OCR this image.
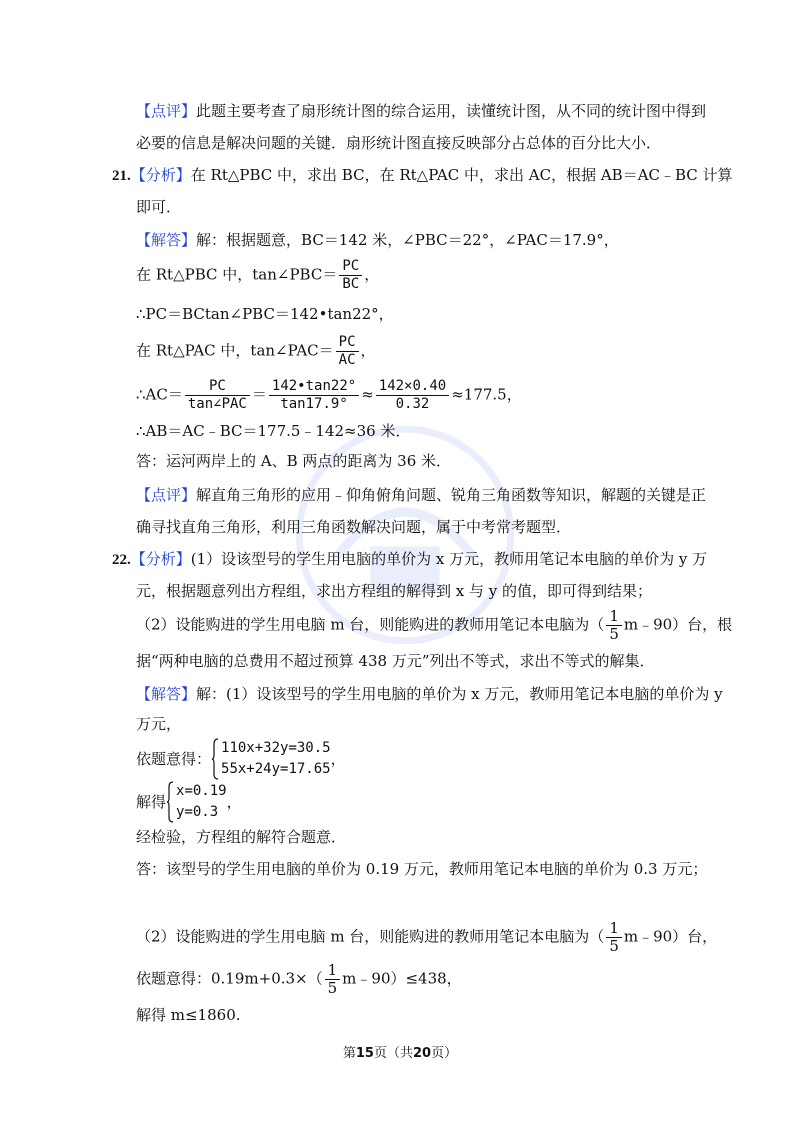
【点评】此题主要考查了扇形统计图的综合运用，读懂统计图，从不同的统计图中得到
必要的信息是解决问题的关键．扇形统计图直接反映部分占总体的百分比大小．
21.【分析】在 Rt△PBC 中，求出 BC，在 Rt△PAC 中，求出 AC，根据 AB＝AC﹣BC 计算
即可．
【解答】解：根据题意，BC＝142 米，∠PBC＝22°，∠PAC＝17.9°，
在 Rt△PBC 中，tan∠PBC＝ $\frac{PC}{BC}$ ，
∴PC＝BCtan∠PBC＝142•tan22°，
在 Rt△PAC 中，tan∠PAC＝ $\frac{PC}{AC}$ ，
∴AC＝ $\frac{PC}{\text{tan∠PAC}} = \frac{142•\tan 22^\circ}{\tan 17.9^\circ} \approx \frac{142\times 0.40}{0.32} \approx 177.5$，
∴AB＝AC﹣BC＝177.5﹣142≈36 米．
答：运河两岸上的 A、B 两点的距离为 36 米．
【点评】解直角三角形的应用﹣仰角俯角问题、锐角三角函数等知识，解题的关键是正
确寻找直角三角形，利用三角函数解决问题，属于中考常考题型．
22.【分析】(1）设该型号的学生用电脑的单价为 x 万元，教师用笔记本电脑的单价为 y 万
元，根据题意列出方程组，求出方程组的解得到 x 与 y 的值，即可得到结果；
（2）设能购进的学生用电脑 m 台，则能购进的教师用笔记本电脑为（ $\frac{1}{5}$ m﹣90）台，根
据“两种电脑的总费用不超过预算 438 万元”列出不等式，求出不等式的解集．
【解答】解：(1）设该型号的学生用电脑的单价为 x 万元，教师用笔记本电脑的单价为 y
万元，
依题意得：
110x+32y=30.5
55x+24y=17.65
，
解得
x=0.19
y=0.3
，
经检验，方程组的解符合题意．
答：该型号的学生用电脑的单价为 0.19 万元，教师用笔记本电脑的单价为 0.3 万元；
（2）设能购进的学生用电脑 m 台，则能购进的教师用笔记本电脑为（ $\frac{1}{5}$ m﹣90）台，
依题意得：$0.19m+0.3\times( \frac{1}{5}$ m﹣90）≤438，
解得 m≤1860.
第15页（共20页）
